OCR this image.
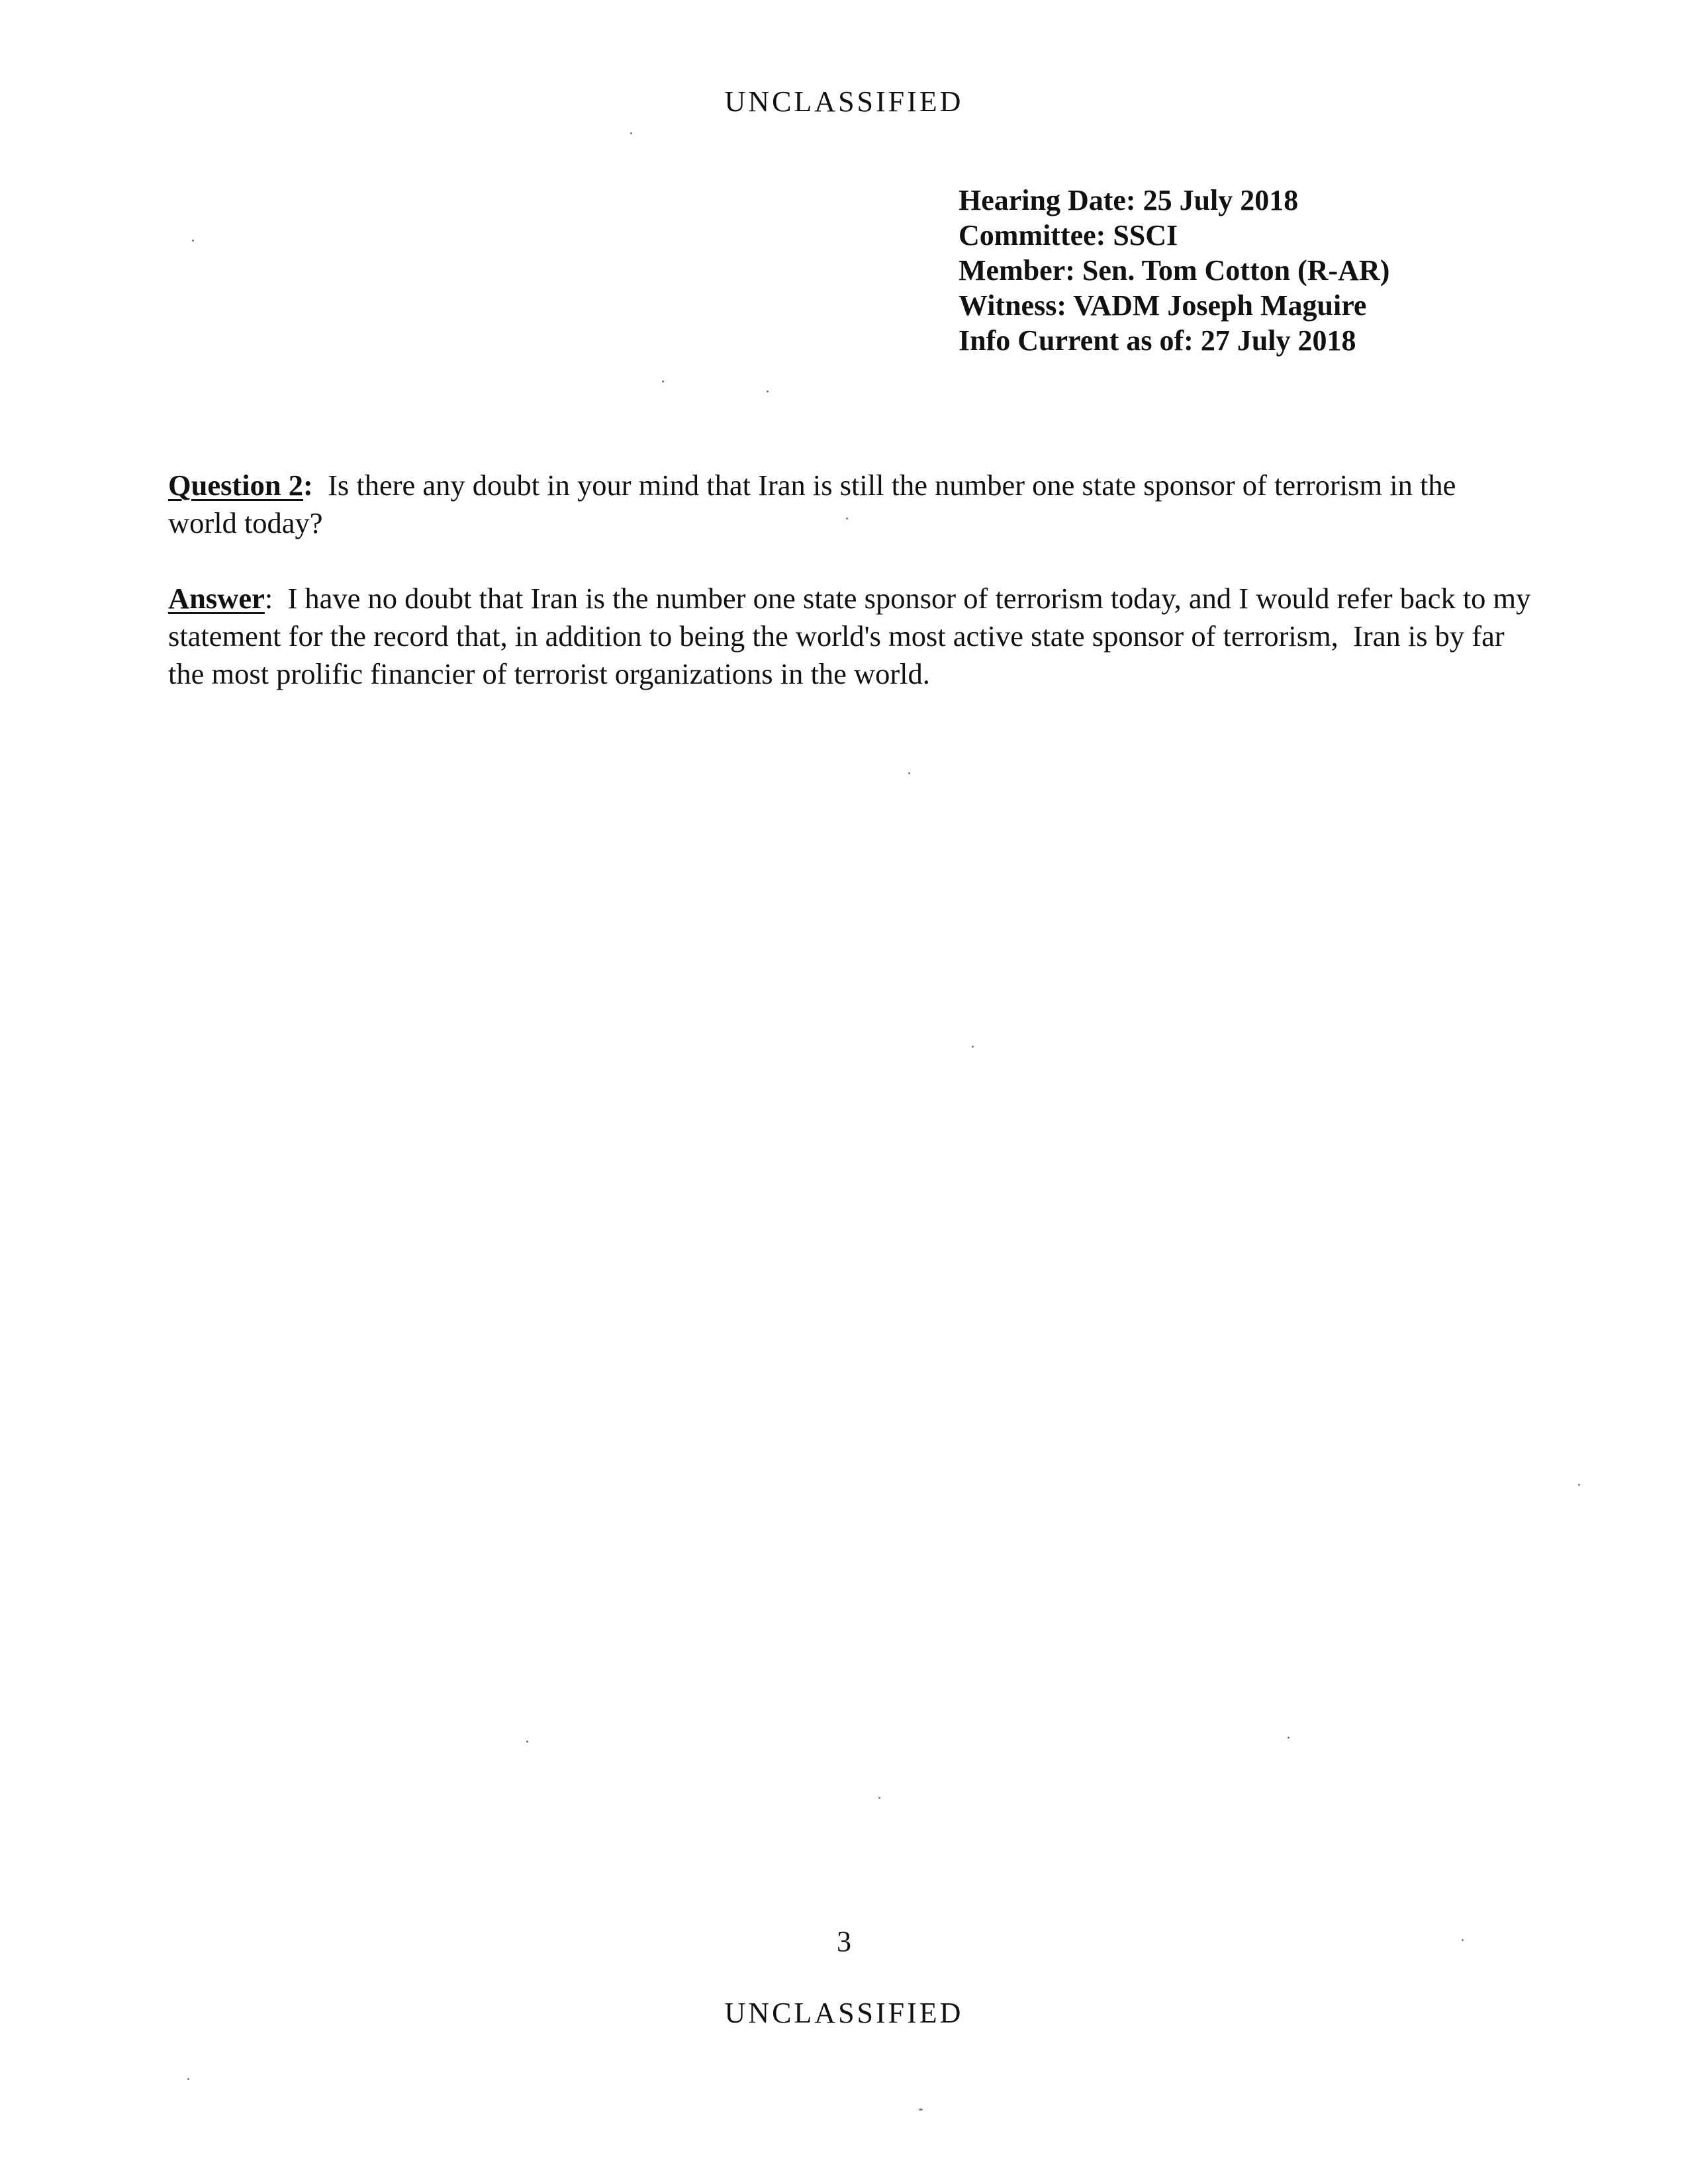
UNCLASSIFIED
Hearing Date: 25 July 2018
Committee: SSCI
Member: Sen. Tom Cotton (R-AR)
Witness: VADM Joseph Maguire
Info Current as of: 27 July 2018
Question 2:  Is there any doubt in your mind that Iran is still the number one state sponsor of terrorism in the world today?
Answer:  I have no doubt that Iran is the number one state sponsor of terrorism today, and I would refer back to my statement for the record that, in addition to being the world's most active state sponsor of terrorism,  Iran is by far the most prolific financier of terrorist organizations in the world.
3
UNCLASSIFIED
